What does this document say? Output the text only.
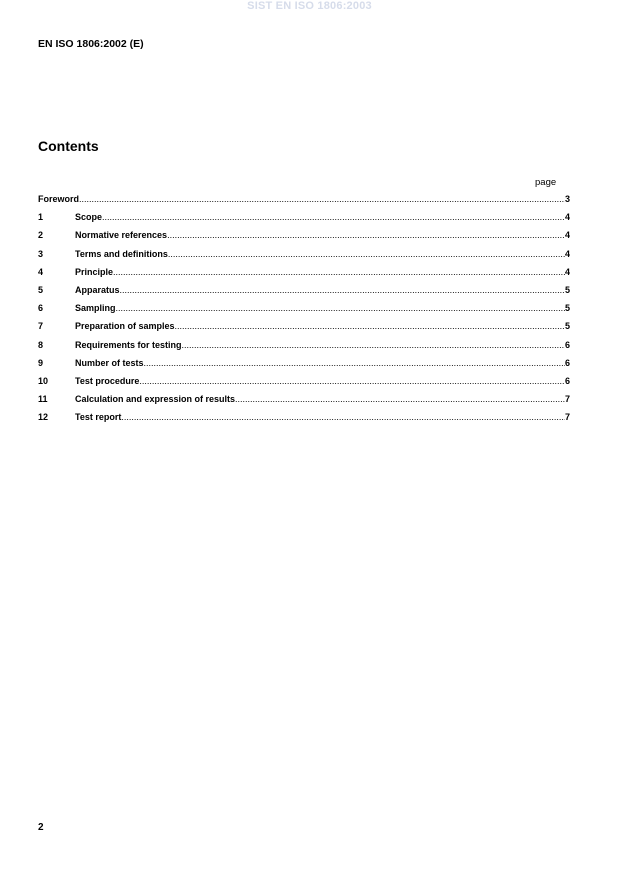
SIST EN ISO 1806:2003
EN ISO 1806:2002 (E)
Contents
page
Foreword .....	3
1	Scope .....	4
2	Normative references .....	4
3	Terms and definitions .....	4
4	Principle .....	4
5	Apparatus .....	5
6	Sampling .....	5
7	Preparation of samples .....	5
8	Requirements for testing .....	6
9	Number of tests .....	6
10	Test procedure .....	6
11	Calculation and expression of results .....	7
12	Test report .....	7
2
